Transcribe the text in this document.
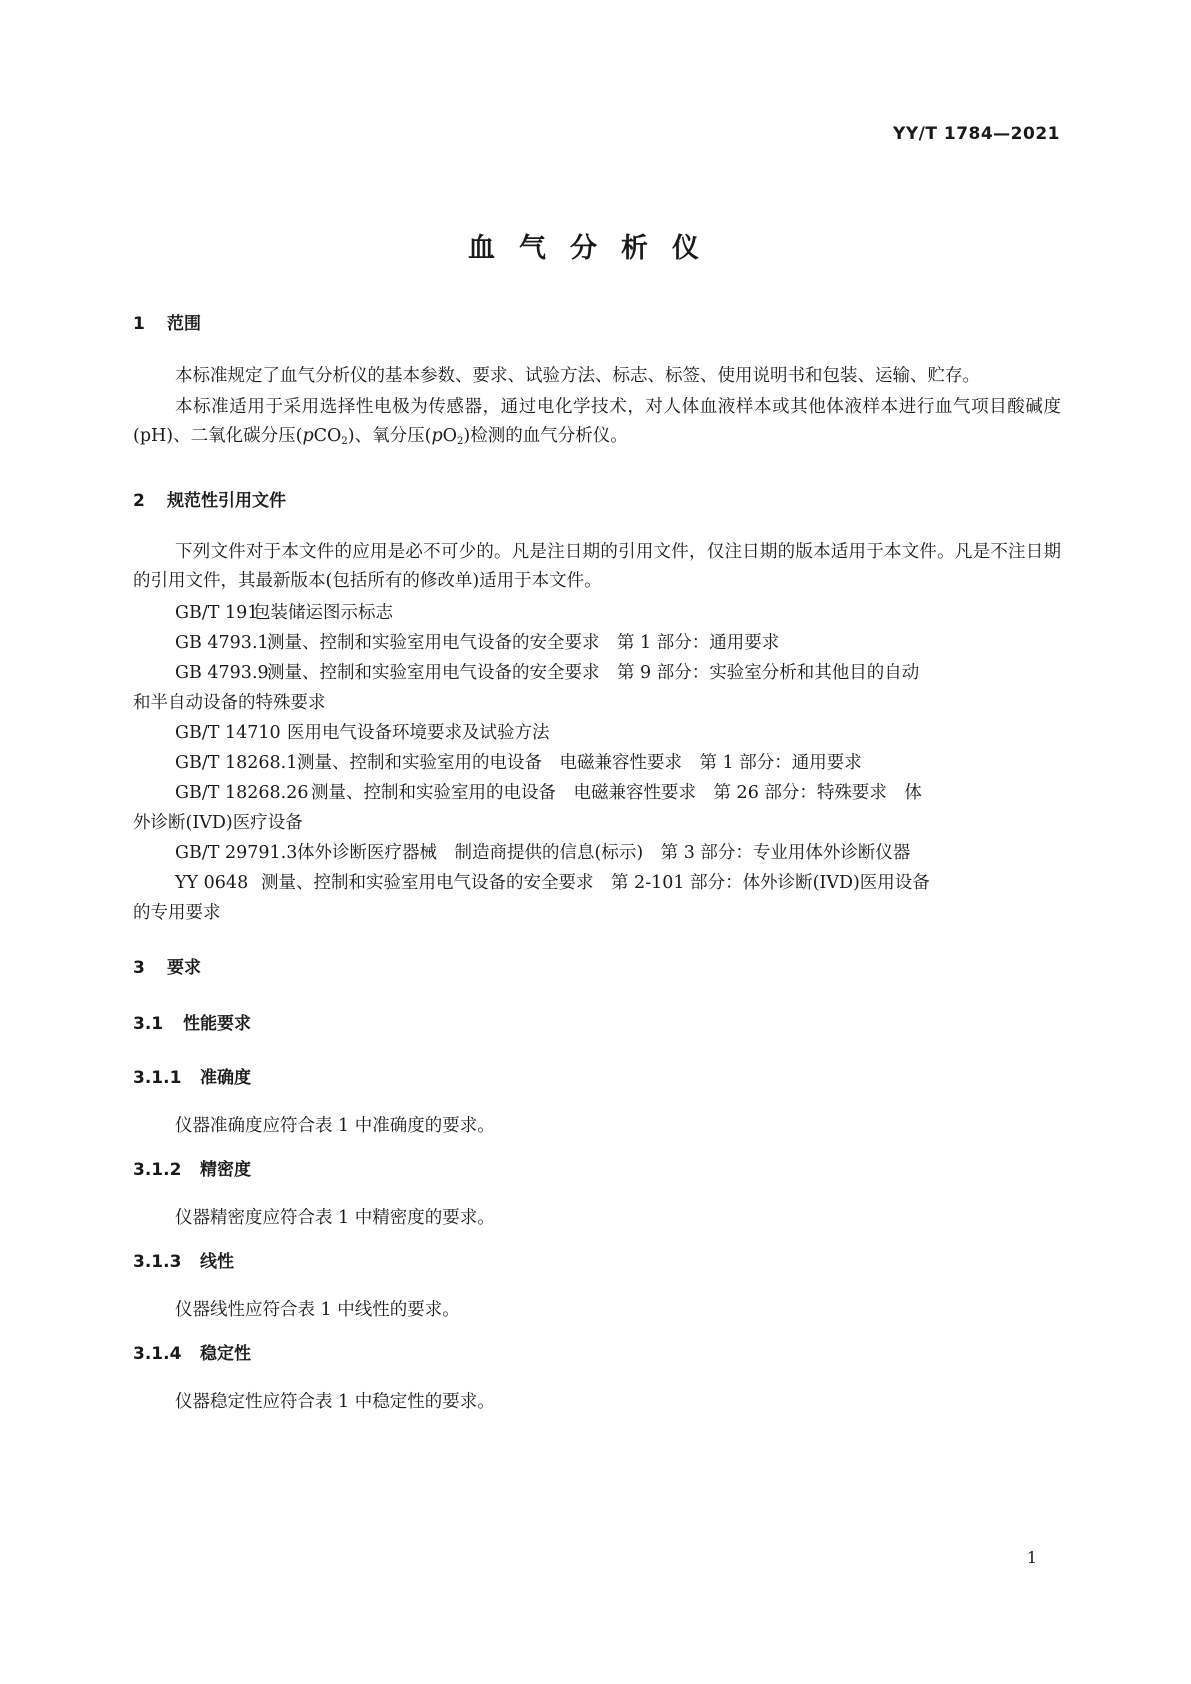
YY/T 1784—2021
血气分析仪
1 范围
本标准规定了血气分析仪的基本参数、要求、试验方法、标志、标签、使用说明书和包装、运输、贮存。
本标准适用于采用选择性电极为传感器，通过电化学技术，对人体血液样本或其他体液样本进行血气项目酸碱度(pH)、二氧化碳分压(pCO$_2$)、氧分压$(pO_2)$检测的血气分析仪。
2 规范性引用文件
下列文件对于本文件的应用是必不可少的。凡是注日期的引用文件，仅注日期的版本适用于本文件。凡是不注日期的引用文件，其最新版本(包括所有的修改单)适用于本文件。
GB/T 191包装储运图示标志
GB 4793.1测量、控制和实验室用电气设备的安全要求　第 1 部分：通用要求
GB 4793.9测量、控制和实验室用电气设备的安全要求　第 9 部分：实验室分析和其他目的自动
和半自动设备的特殊要求
GB/T 14710 医用电气设备环境要求及试验方法
GB/T 18268.1测量、控制和实验室用的电设备　电磁兼容性要求　第 1 部分：通用要求
GB/T 18268.26 测量、控制和实验室用的电设备　电磁兼容性要求　第 26 部分：特殊要求　体
外诊断(IVD)医疗设备
GB/T 29791.3体外诊断医疗器械　制造商提供的信息(标示)　第 3 部分：专业用体外诊断仪器
YY 0648 测量、控制和实验室用电气设备的安全要求　第 2-101 部分：体外诊断(IVD)医用设备
的专用要求
3 要求
3.1 性能要求
3.1.1 准确度
仪器准确度应符合表 1 中准确度的要求。
3.1.2 精密度
仪器精密度应符合表 1 中精密度的要求。
3.1.3 线性
仪器线性应符合表 1 中线性的要求。
3.1.4 稳定性
仪器稳定性应符合表 1 中稳定性的要求。
1
